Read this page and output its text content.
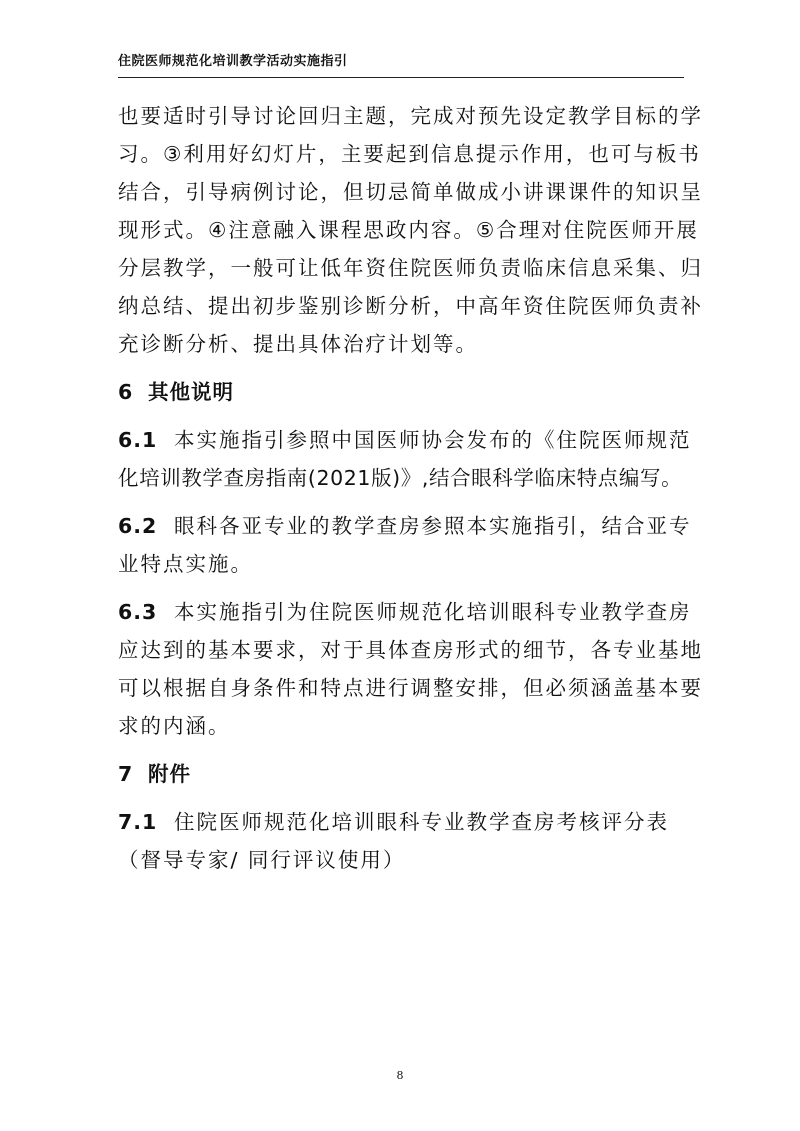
住院医师规范化培训教学活动实施指引
也要适时引导讨论回归主题，完成对预先设定教学目标的学
习。③利用好幻灯片，主要起到信息提示作用，也可与板书
结合，引导病例讨论，但切忌简单做成小讲课课件的知识呈
现形式。④注意融入课程思政内容。⑤合理对住院医师开展
分层教学，一般可让低年资住院医师负责临床信息采集、归
纳总结、提出初步鉴别诊断分析，中高年资住院医师负责补
充诊断分析、提出具体治疗计划等。
6 其他说明
6.1 本实施指引参照中国医师协会发布的《住院医师规范
化培训教学查房指南(2021版)》,结合眼科学临床特点编写。
6.2 眼科各亚专业的教学查房参照本实施指引，结合亚专
业特点实施。
6.3 本实施指引为住院医师规范化培训眼科专业教学查房
应达到的基本要求，对于具体查房形式的细节，各专业基地
可以根据自身条件和特点进行调整安排，但必须涵盖基本要
求的内涵。
7 附件
7.1 住院医师规范化培训眼科专业教学查房考核评分表
（督导专家/ 同行评议使用）
8
